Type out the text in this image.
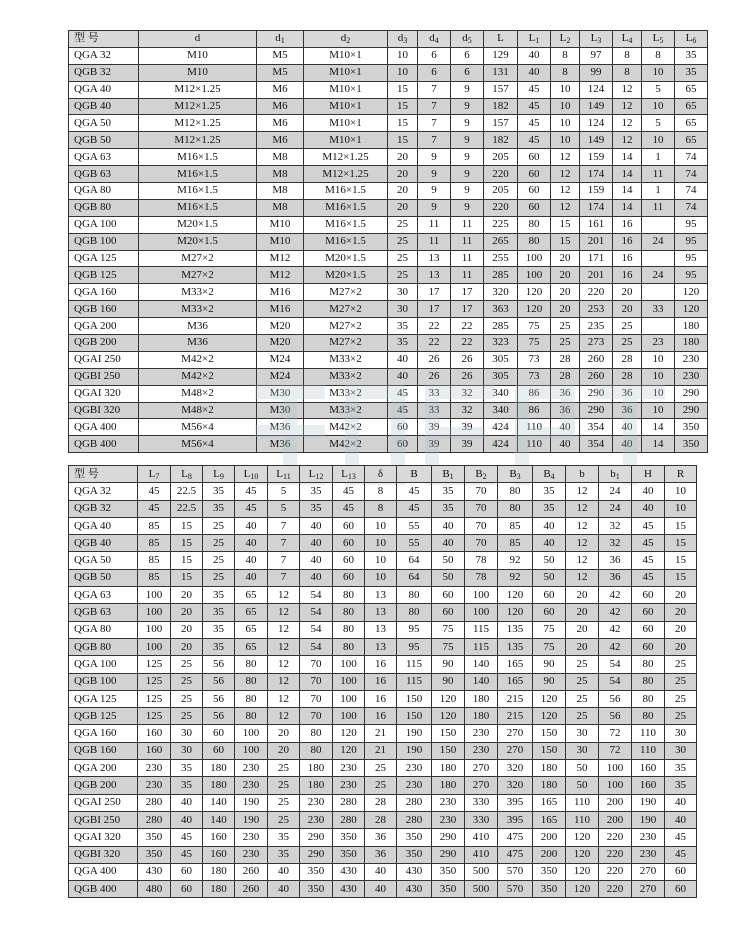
型 号	d	$d_1$	$d_2$	$d_3$	$d_4$	$d_5$	L	$L_1$	$L_2$	$L_3$	$L_4$	$L_5$	$L_6$
QGA 32	M10	M5	M10×1	10	6	6	129	40	8	97	8	8	35
QGB 32	M10	M5	M10×1	10	6	6	131	40	8	99	8	10	35
QGA 40	M12×1.25	M6	M10×1	15	7	9	157	45	10	124	12	5	65
QGB 40	M12×1.25	M6	M10×1	15	7	9	182	45	10	149	12	10	65
QGA 50	M12×1.25	M6	M10×1	15	7	9	157	45	10	124	12	5	65
QGB 50	M12×1.25	M6	M10×1	15	7	9	182	45	10	149	12	10	65
QGA 63	M16×1.5	M8	M12×1.25	20	9	9	205	60	12	159	14	1	74
QGB 63	M16×1.5	M8	M12×1.25	20	9	9	220	60	12	174	14	11	74
QGA 80	M16×1.5	M8	M16×1.5	20	9	9	205	60	12	159	14	1	74
QGB 80	M16×1.5	M8	M16×1.5	20	9	9	220	60	12	174	14	11	74
QGA 100	M20×1.5	M10	M16×1.5	25	11	11	225	80	15	161	16		95
QGB 100	M20×1.5	M10	M16×1.5	25	11	11	265	80	15	201	16	24	95
QGA 125	M27×2	M12	M20×1.5	25	13	11	255	100	20	171	16		95
QGB 125	M27×2	M12	M20×1.5	25	13	11	285	100	20	201	16	24	95
QGA 160	M33×2	M16	M27×2	30	17	17	320	120	20	220	20		120
QGB 160	M33×2	M16	M27×2	30	17	17	363	120	20	253	20	33	120
QGA 200	M36	M20	M27×2	35	22	22	285	75	25	235	25		180
QGB 200	M36	M20	M27×2	35	22	22	323	75	25	273	25	23	180
QGAI 250	M42×2	M24	M33×2	40	26	26	305	73	28	260	28	10	230
QGBI 250	M42×2	M24	M33×2	40	26	26	305	73	28	260	28	10	230
QGAI 320	M48×2	M30	M33×2	45	33	32	340	86	36	290	36	10	290
QGBI 320	M48×2	M30	M33×2	45	33	32	340	86	36	290	36	10	290
QGA 400	M56×4	M36	M42×2	60	39	39	424	110	40	354	40	14	350
QGB 400	M56×4	M36	M42×2	60	39	39	424	110	40	354	40	14	350
型 号	$L_7$	$L_8$	$L_9$	$L_{10}$	$L_{11}$	$L_{12}$	$L_{13}$	δ	B	$B_1$	$B_2$	$B_3$	$B_4$	b	$b_1$	H	R
QGA 32	45	22.5	35	45	5	35	45	8	45	35	70	80	35	12	24	40	10
QGB 32	45	22.5	35	45	5	35	45	8	45	35	70	80	35	12	24	40	10
QGA 40	85	15	25	40	7	40	60	10	55	40	70	85	40	12	32	45	15
QGB 40	85	15	25	40	7	40	60	10	55	40	70	85	40	12	32	45	15
QGA 50	85	15	25	40	7	40	60	10	64	50	78	92	50	12	36	45	15
QGB 50	85	15	25	40	7	40	60	10	64	50	78	92	50	12	36	45	15
QGA 63	100	20	35	65	12	54	80	13	80	60	100	120	60	20	42	60	20
QGB 63	100	20	35	65	12	54	80	13	80	60	100	120	60	20	42	60	20
QGA 80	100	20	35	65	12	54	80	13	95	75	115	135	75	20	42	60	20
QGB 80	100	20	35	65	12	54	80	13	95	75	115	135	75	20	42	60	20
QGA 100	125	25	56	80	12	70	100	16	115	90	140	165	90	25	54	80	25
QGB 100	125	25	56	80	12	70	100	16	115	90	140	165	90	25	54	80	25
QGA 125	125	25	56	80	12	70	100	16	150	120	180	215	120	25	56	80	25
QGB 125	125	25	56	80	12	70	100	16	150	120	180	215	120	25	56	80	25
QGA 160	160	30	60	100	20	80	120	21	190	150	230	270	150	30	72	110	30
QGB 160	160	30	60	100	20	80	120	21	190	150	230	270	150	30	72	110	30
QGA 200	230	35	180	230	25	180	230	25	230	180	270	320	180	50	100	160	35
QGB 200	230	35	180	230	25	180	230	25	230	180	270	320	180	50	100	160	35
QGAI 250	280	40	140	190	25	230	280	28	280	230	330	395	165	110	200	190	40
QGBI 250	280	40	140	190	25	230	280	28	280	230	330	395	165	110	200	190	40
QGAI 320	350	45	160	230	35	290	350	36	350	290	410	475	200	120	220	230	45
QGBI 320	350	45	160	230	35	290	350	36	350	290	410	475	200	120	220	230	45
QGA 400	430	60	180	260	40	350	430	40	430	350	500	570	350	120	220	270	60
QGB 400	480	60	180	260	40	350	430	40	430	350	500	570	350	120	220	270	60
